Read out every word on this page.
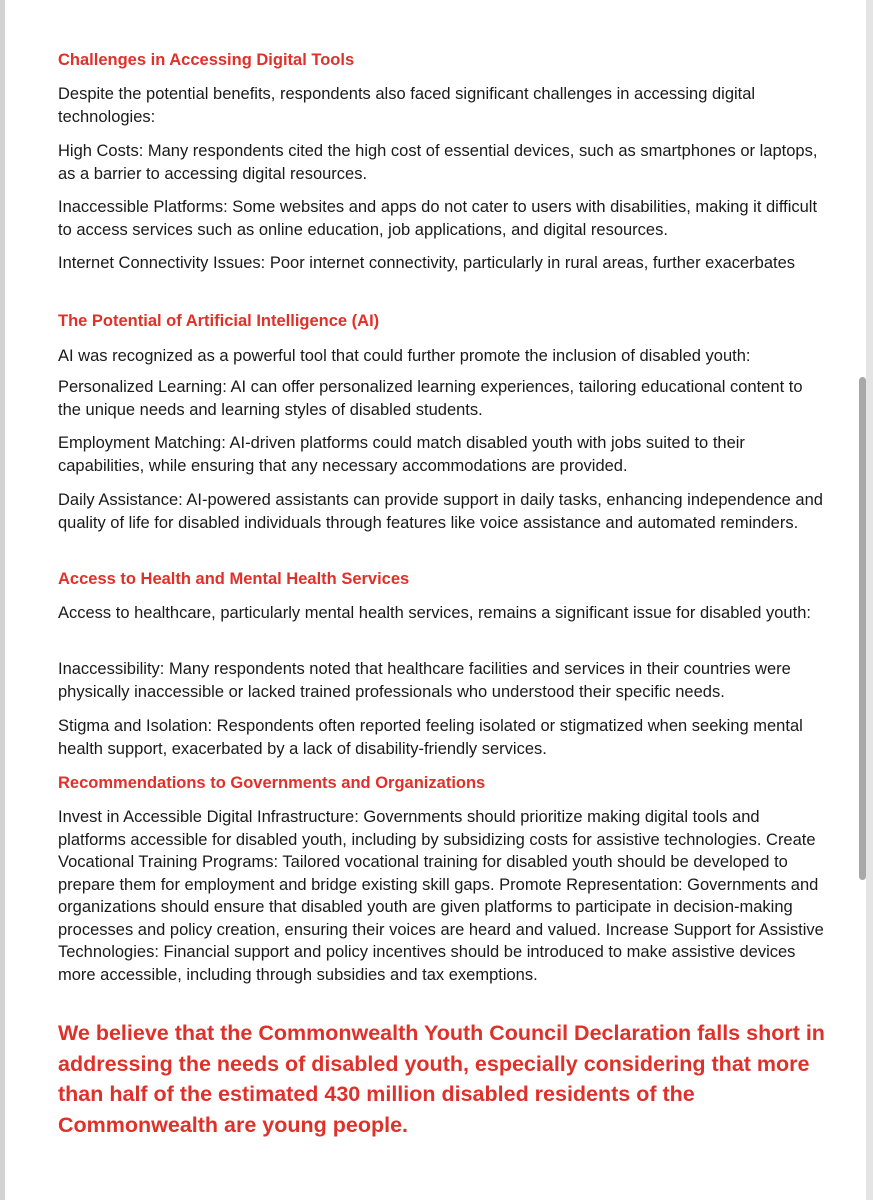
Challenges in Accessing Digital Tools

Despite the potential benefits, respondents also faced significant challenges in accessing digital technologies:

High Costs: Many respondents cited the high cost of essential devices, such as smartphones or laptops, as a barrier to accessing digital resources.

Inaccessible Platforms: Some websites and apps do not cater to users with disabilities, making it difficult to access services such as online education, job applications, and digital resources.

Internet Connectivity Issues: Poor internet connectivity, particularly in rural areas, further exacerbates

The Potential of Artificial Intelligence (AI)

AI was recognized as a powerful tool that could further promote the inclusion of disabled youth:

Personalized Learning: AI can offer personalized learning experiences, tailoring educational content to the unique needs and learning styles of disabled students.

Employment Matching: AI-driven platforms could match disabled youth with jobs suited to their capabilities, while ensuring that any necessary accommodations are provided.

Daily Assistance: AI-powered assistants can provide support in daily tasks, enhancing independence and quality of life for disabled individuals through features like voice assistance and automated reminders.

Access to Health and Mental Health Services

Access to healthcare, particularly mental health services, remains a significant issue for disabled youth:

Inaccessibility: Many respondents noted that healthcare facilities and services in their countries were physically inaccessible or lacked trained professionals who understood their specific needs.

Stigma and Isolation: Respondents often reported feeling isolated or stigmatized when seeking mental health support, exacerbated by a lack of disability-friendly services.

Recommendations to Governments and Organizations

Invest in Accessible Digital Infrastructure: Governments should prioritize making digital tools and platforms accessible for disabled youth, including by subsidizing costs for assistive technologies. Create Vocational Training Programs: Tailored vocational training for disabled youth should be developed to prepare them for employment and bridge existing skill gaps. Promote Representation: Governments and organizations should ensure that disabled youth are given platforms to participate in decision-making processes and policy creation, ensuring their voices are heard and valued. Increase Support for Assistive Technologies: Financial support and policy incentives should be introduced to make assistive devices more accessible, including through subsidies and tax exemptions.

We believe that the Commonwealth Youth Council Declaration falls short in addressing the needs of disabled youth, especially considering that more than half of the estimated 430 million disabled residents of the Commonwealth are young people.
